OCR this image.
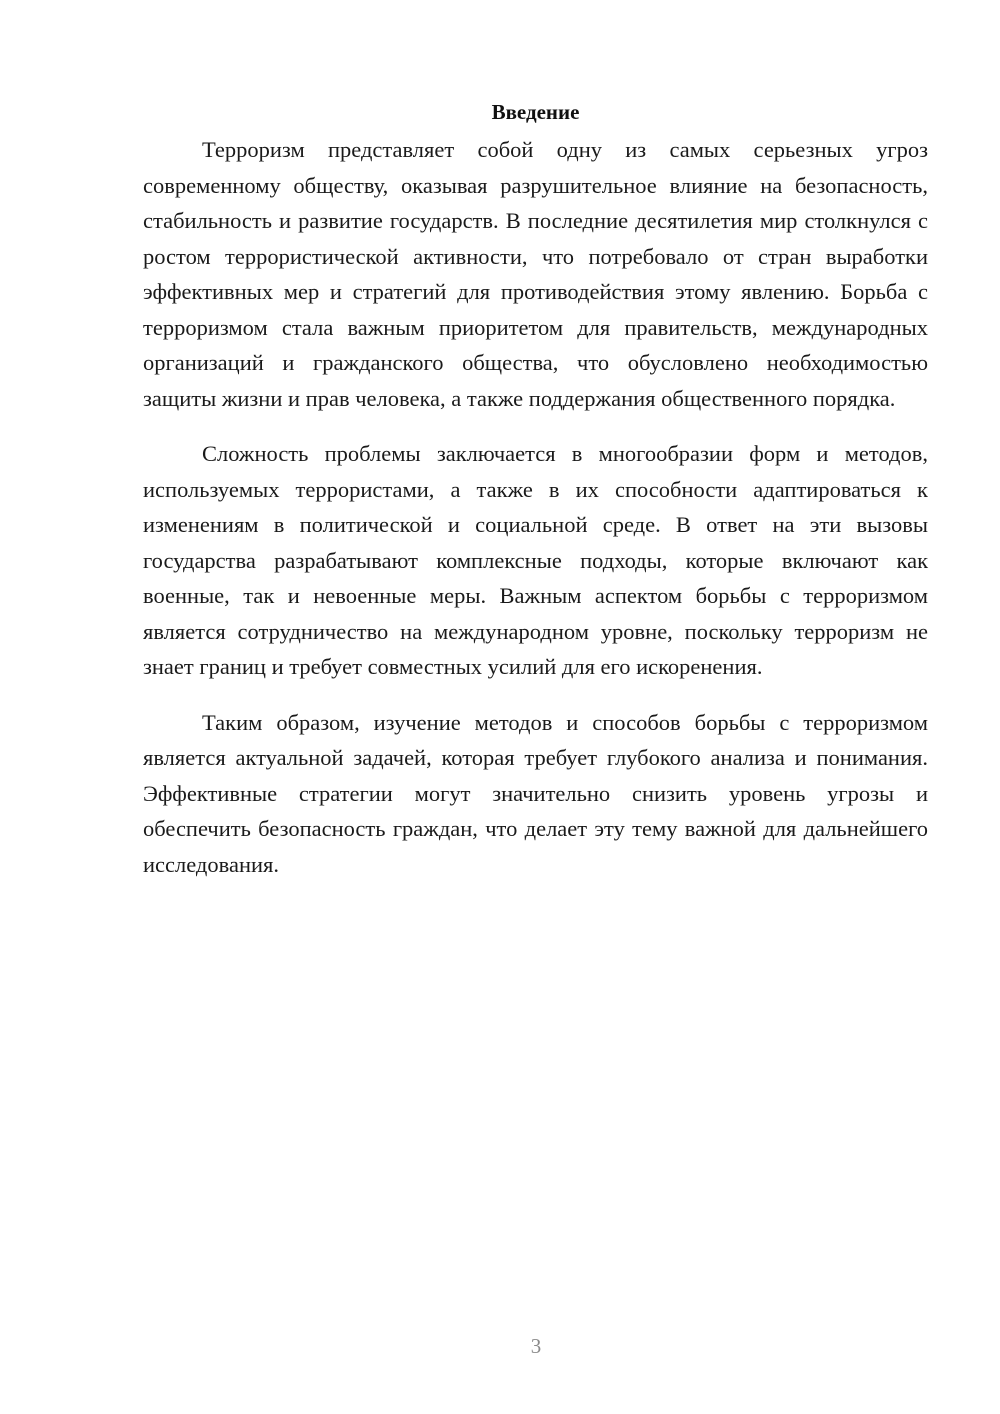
Введение

Терроризм представляет собой одну из самых серьезных угроз современному обществу, оказывая разрушительное влияние на безопасность, стабильность и развитие государств. В последние десятилетия мир столкнулся с ростом террористической активности, что потребовало от стран выработки эффективных мер и стратегий для противодействия этому явлению. Борьба с терроризмом стала важным приоритетом для правительств, международных организаций и гражданского общества, что обусловлено необходимостью защиты жизни и прав человека, а также поддержания общественного порядка.

Сложность проблемы заключается в многообразии форм и методов, используемых террористами, а также в их способности адаптироваться к изменениям в политической и социальной среде. В ответ на эти вызовы государства разрабатывают комплексные подходы, которые включают как военные, так и невоенные меры. Важным аспектом борьбы с терроризмом является сотрудничество на международном уровне, поскольку терроризм не знает границ и требует совместных усилий для его искоренения.

Таким образом, изучение методов и способов борьбы с терроризмом является актуальной задачей, которая требует глубокого анализа и понимания. Эффективные стратегии могут значительно снизить уровень угрозы и обеспечить безопасность граждан, что делает эту тему важной для дальнейшего исследования.

3
